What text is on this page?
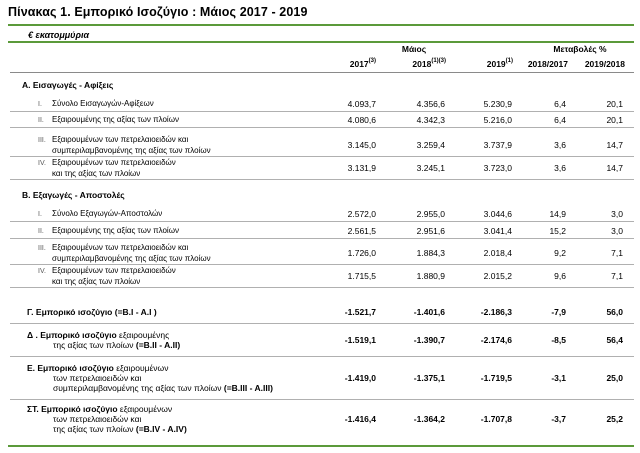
Πίνακας 1. Εμπορικό Ισοζύγιο : Μάιος 2017 - 2019
€ εκατομμύρια
Μάιος	Μεταβολές %
2017$^{(3)}$	$2018^{(1)(3)}$	2019$^{(1)}$	2018/2017	2019/2018
A. Εισαγωγές - Αφίξεις
I. Σύνολο Εισαγωγών-Αφίξεων	4.093,7	4.356,6	5.230,9	6,4	20,1
II. Εξαιρουμένης της αξίας των πλοίων	4.080,6	4.342,3	5.216,0	6,4	20,1
III. Εξαιρουμένων των πετρελαιοειδών και
συμπεριλαμβανομένης της αξίας των πλοίων
3.145,0	3.259,4	3.737,9	3,6	14,7
IV. Εξαιρουμένων των πετρελαιοειδών
και της αξίας των πλοίων
3.131,9	3.245,1	3.723,0	3,6	14,7
B. Εξαγωγές - Αποστολές
I. Σύνολο Εξαγωγών-Αποστολών	2.572,0	2.955,0	3.044,6	14,9	3,0
II. Εξαιρουμένης της αξίας των πλοίων	2.561,5	2.951,6	3.041,4	15,2	3,0
III. Εξαιρουμένων των πετρελαιοειδών και
συμπεριλαμβανομένης της αξίας των πλοίων
1.726,0	1.884,3	2.018,4	9,2	7,1
IV. Εξαιρουμένων των πετρελαιοειδών
και της αξίας των πλοίων
1.715,5	1.880,9	2.015,2	9,6	7,1
Γ. Εμπορικό ισοζύγιο (=B.I - A.I )	-1.521,7	-1.401,6	-2.186,3	-7,9	56,0
Δ . Εμπορικό ισοζύγιο εξαιρουμένης
της αξίας των πλοίων (=B.II - A.II)	-1.519,1	-1.390,7	-2.174,6	-8,5	56,4
E. Εμπορικό ισοζύγιο εξαιρουμένων
των πετρελαιοειδών και
συμπεριλαμβανομένης της αξίας των πλοίων (=B.III - A.III)
-1.419,0	-1.375,1	-1.719,5	-3,1	25,0
ΣT. Εμπορικό ισοζύγιο εξαιρουμένων
των πετρελαιοειδών και
της αξίας των πλοίων (=B.IV - A.IV)
-1.416,4	-1.364,2	-1.707,8	-3,7	25,2
